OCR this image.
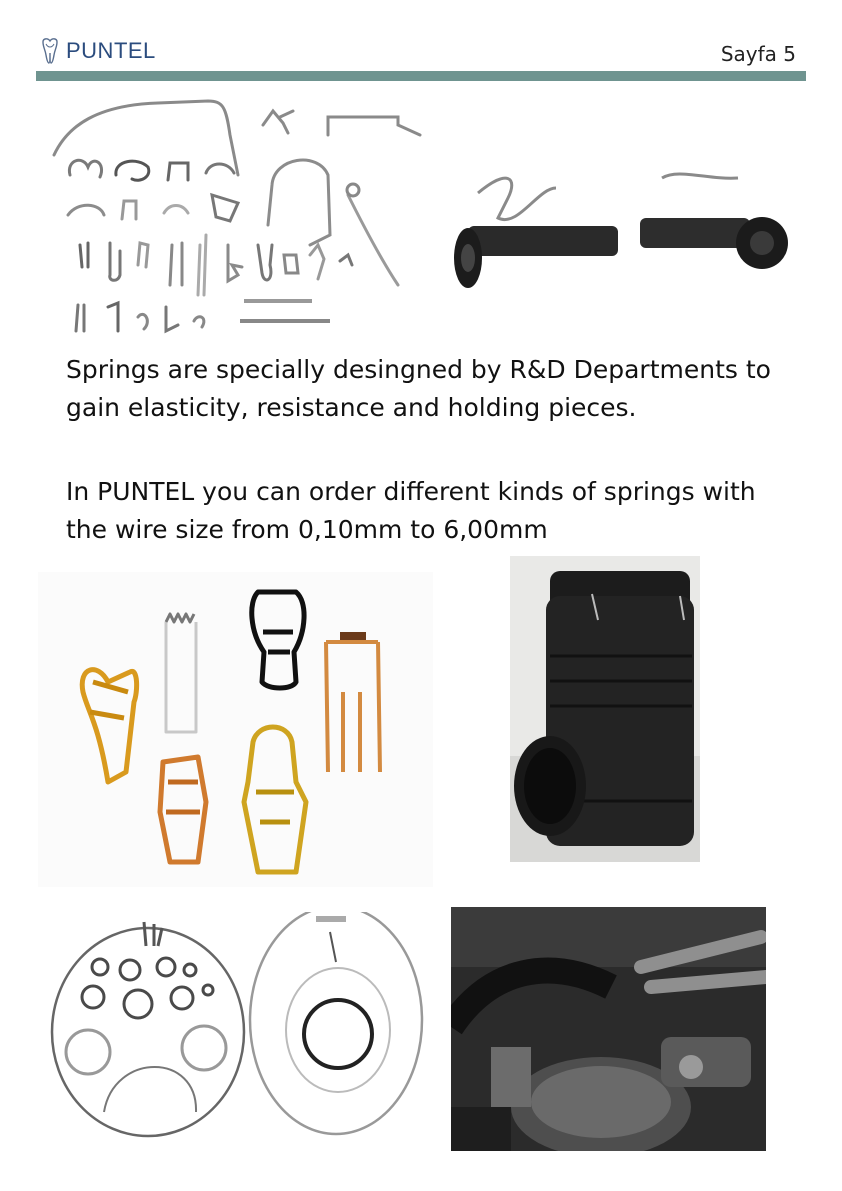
PUNTEL	Sayfa 5

Springs are specially desingned by R&D Departments to gain elasticity, resistance and holding pieces.

In PUNTEL you can order different kinds of springs with the wire size from 0,10mm to 6,00mm
